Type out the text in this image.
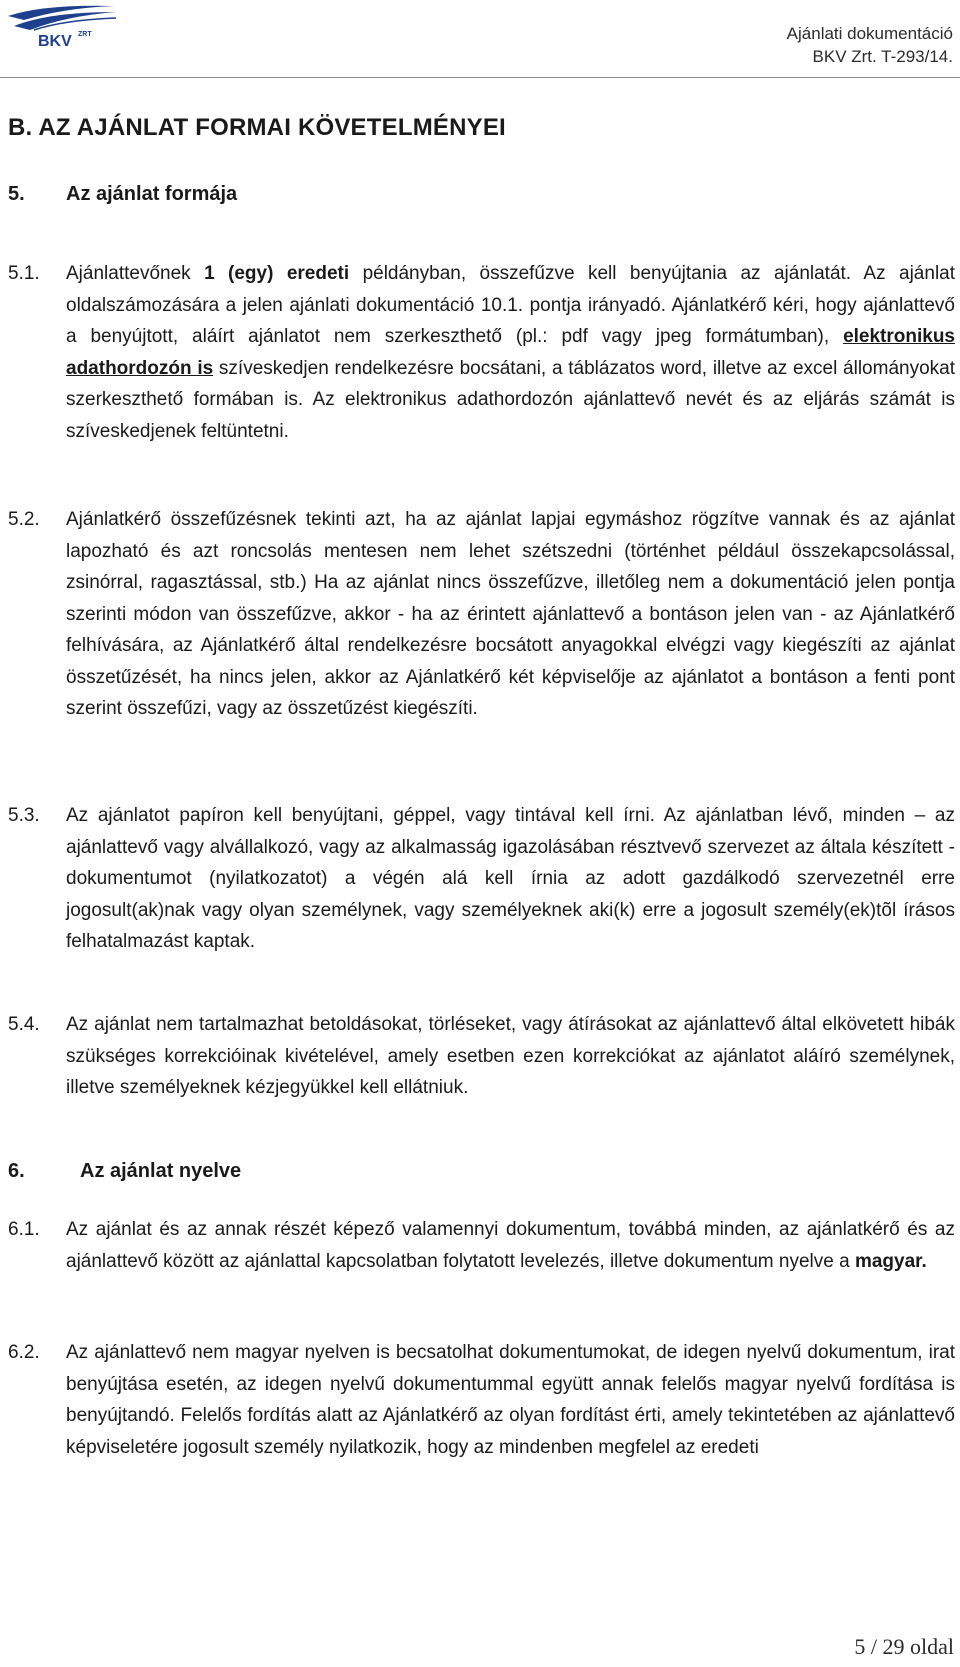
BKV ZRT	Ajánlati dokumentáció
BKV Zrt. T-293/14.
B. AZ AJÁNLAT FORMAI KÖVETELMÉNYEI
5. Az ajánlat formája
5.1. Ajánlattevőnek 1 (egy) eredeti példányban, összefűzve kell benyújtania az ajánlatát. Az ajánlat oldalszámozására a jelen ajánlati dokumentáció 10.1. pontja irányadó. Ajánlatkérő kéri, hogy ajánlattevő a benyújtott, aláírt ajánlatot nem szerkeszthető (pl.: pdf vagy jpeg formátumban), elektronikus adathordozón is szíveskedjen rendelkezésre bocsátani, a táblázatos word, illetve az excel állományokat szerkeszthető formában is. Az elektronikus adathordozón ajánlattevő nevét és az eljárás számát is szíveskedjenek feltüntetni.

5.2. Ajánlatkérő összefűzésnek tekinti azt, ha az ajánlat lapjai egymáshoz rögzítve vannak és az ajánlat lapozható és azt roncsolás mentesen nem lehet szétszedni (történhet például összekapcsolással, zsinórral, ragasztással, stb.) Ha az ajánlat nincs összefűzve, illetőleg nem a dokumentáció jelen pontja szerinti módon van összefűzve, akkor - ha az érintett ajánlattevő a bontáson jelen van - az Ajánlatkérő felhívására, az Ajánlatkérő által rendelkezésre bocsátott anyagokkal elvégzi vagy kiegészíti az ajánlat összetűzését, ha nincs jelen, akkor az Ajánlatkérő két képviselője az ajánlatot a bontáson a fenti pont szerint összefűzi, vagy az összetűzést kiegészíti.

5.3. Az ajánlatot papíron kell benyújtani, géppel, vagy tintával kell írni. Az ajánlatban lévő, minden – az ajánlattevő vagy alvállalkozó, vagy az alkalmasság igazolásában résztvevő szervezet az általa készített - dokumentumot (nyilatkozatot) a végén alá kell írnia az adott gazdálkodó szervezetnél erre jogosult(ak)nak vagy olyan személynek, vagy személyeknek aki(k) erre a jogosult személy(ek)tõl írásos felhatalmazást kaptak.

5.4. Az ajánlat nem tartalmazhat betoldásokat, törléseket, vagy átírásokat az ajánlattevő által elkövetett hibák szükséges korrekcióinak kivételével, amely esetben ezen korrekciókat az ajánlatot aláíró személynek, illetve személyeknek kézjegyükkel kell ellátniuk.

6.	Az ajánlat nyelve
6.1. Az ajánlat és az annak részét képező valamennyi dokumentum, továbbá minden, az ajánlatkérő és az ajánlattevő között az ajánlattal kapcsolatban folytatott levelezés, illetve dokumentum nyelve a magyar.

6.2. Az ajánlattevő nem magyar nyelven is becsatolhat dokumentumokat, de idegen nyelvű dokumentum, irat benyújtása esetén, az idegen nyelvű dokumentummal együtt annak felelős magyar nyelvű fordítása is benyújtandó. Felelős fordítás alatt az Ajánlatkérő az olyan fordítást érti, amely tekintetében az ajánlattevő képviseletére jogosult személy nyilatkozik, hogy az mindenben megfelel az eredeti

5 / 29 oldal
